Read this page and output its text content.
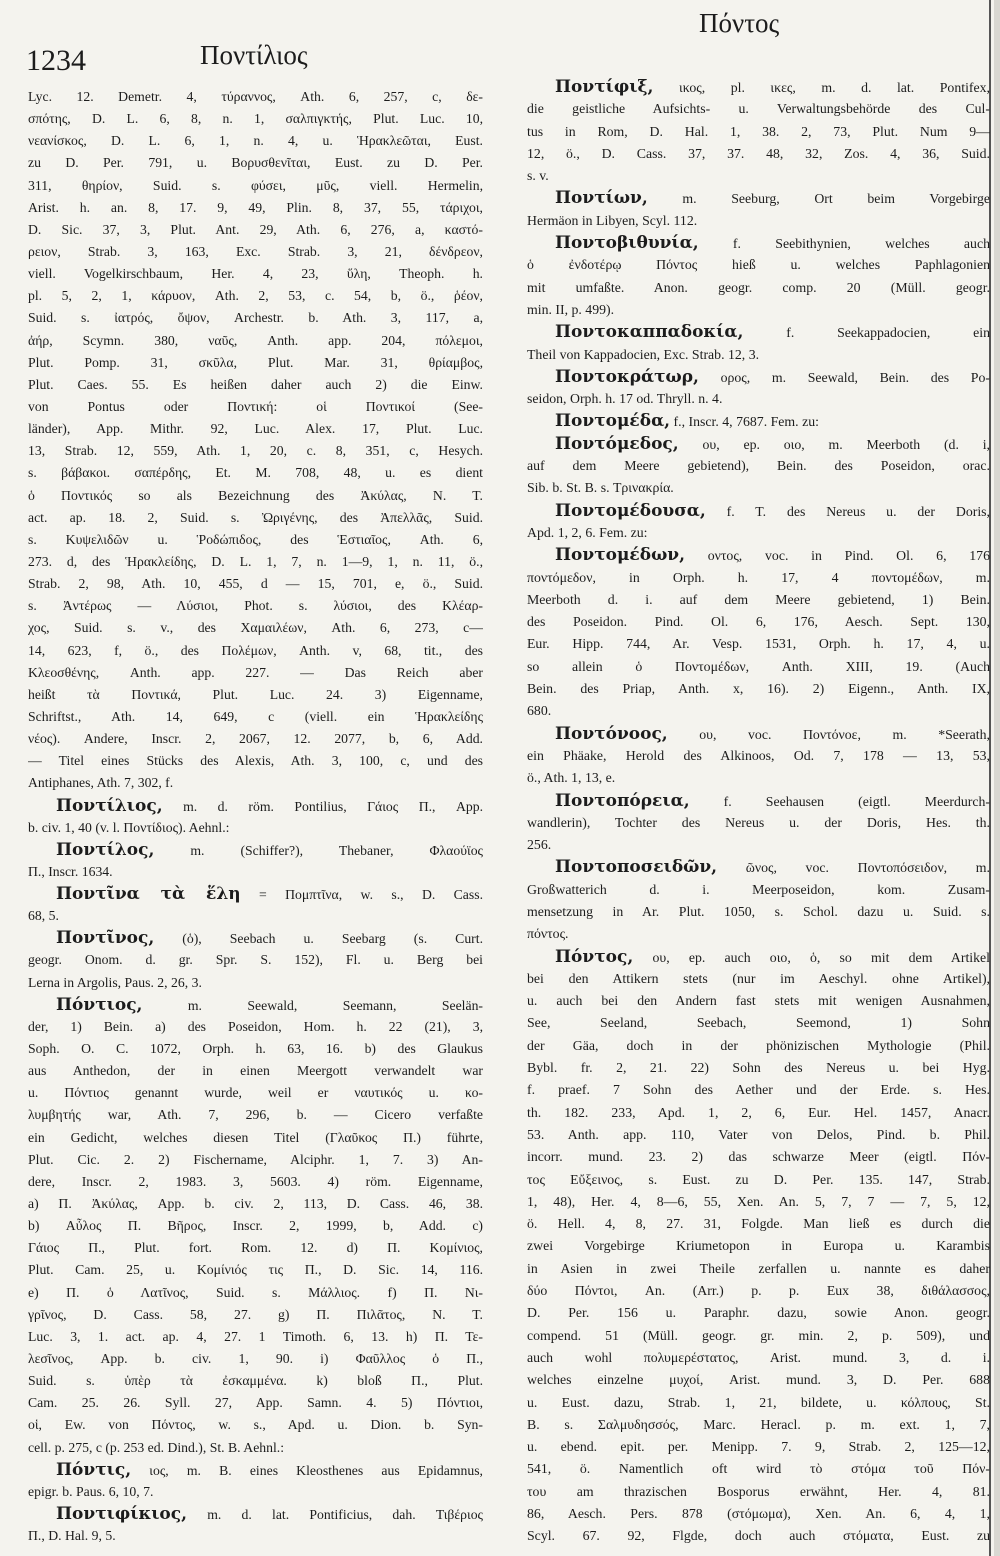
1234	Ποντίλιος
Πόντος
Lyc. 12. Demetr. 4, τύραννος, Ath. 6, 257, c, δε-
σπότης, D. L. 6, 8, n. 1, σαλπιγκτής, Plut. Luc. 10,
νεανίσκος, D. L. 6, 1, n. 4, u. Ἡρακλεῶται, Eust.
zu D. Per. 791, u. Βορυσθενῖται, Eust. zu D. Per.
311, θηρίον, Suid. s. φύσει, μῦς, viell. Hermelin,
Arist. h. an. 8, 17. 9, 49, Plin. 8, 37, 55, τάριχοι,
D. Sic. 37, 3, Plut. Ant. 29, Ath. 6, 276, a, καστό-
ρειον, Strab. 3, 163, Exc. Strab. 3, 21, δένδρεον,
viell. Vogelkirschbaum, Her. 4, 23, ὕλη, Theoph. h.
pl. 5, 2, 1, κάρυον, Ath. 2, 53, c. 54, b, ö., ῥέον,
Suid. s. ἰατρός, ὄψον, Archestr. b. Ath. 3, 117, a,
ἀήρ, Scymn. 380, ναῦς, Anth. app. 204, πόλεμοι,
Plut. Pomp. 31, σκῦλα, Plut. Mar. 31, θρίαμβος,
Plut. Caes. 55. Es heißen daher auch 2) die Einw.
von Pontus oder Ποντική: οἱ Ποντικοί (See-
länder), App. Mithr. 92, Luc. Alex. 17, Plut. Luc.
13, Strab. 12, 559, Ath. 1, 20, c. 8, 351, c, Hesych.
s. βάβακοι. σαπέρδης, Et. M. 708, 48, u. es dient
ὁ Ποντικός so als Bezeichnung des Ἀκύλας, N. T.
act. ap. 18. 2, Suid. s. Ὠριγένης, des Ἀπελλᾶς, Suid.
s. Κυψελιδῶν u. Ῥοδώπιδος, des Ἑστιαῖος, Ath. 6,
273. d, des Ἡρακλείδης, D. L. 1, 7, n. 1—9, 1, n. 11, ö.,
Strab. 2, 98, Ath. 10, 455, d — 15, 701, e, ö., Suid.
s. Ἀντέρως — Λύσιοι, Phot. s. λύσιοι, des Κλέαρ-
χος, Suid. s. v., des Χαμαιλέων, Ath. 6, 273, c—
14, 623, f, ö., des Πολέμων, Anth. v, 68, tit., des
Κλεοσθένης, Anth. app. 227. — Das Reich aber
heißt τὰ Ποντικά, Plut. Luc. 24. 3) Eigenname,
Schriftst., Ath. 14, 649, c (viell. ein Ἡρακλείδης
νέος). Andere, Inscr. 2, 2067, 12. 2077, b, 6, Add.
— Titel eines Stücks des Alexis, Ath. 3, 100, c, und des
Antiphanes, Ath. 7, 302, f.
Ποντίλιος, m. d. röm. Pontilius, Γάιος Π., App.
b. civ. 1, 40 (v. l. Ποντίδιος). Aehnl.:
Ποντίλος, m. (Schiffer?), Thebaner, Φλαούϊος
Π., Inscr. 1634.
Ποντῖνα τὰ ἕλη = Πομπτῖνα, w. s., D. Cass.
68, 5.
Ποντῖνος, (ὁ), Seebach u. Seebarg (s. Curt.
geogr. Onom. d. gr. Spr. S. 152), Fl. u. Berg bei
Lerna in Argolis, Paus. 2, 26, 3.
Πόντιος, m. Seewald, Seemann, Seelän-
der, 1) Bein. a) des Poseidon, Hom. h. 22 (21), 3,
Soph. O. C. 1072, Orph. h. 63, 16. b) des Glaukus
aus Anthedon, der in einen Meergott verwandelt war
u. Πόντιος genannt wurde, weil er ναυτικός u. κο-
λυμβητής war, Ath. 7, 296, b. — Cicero verfaßte
ein Gedicht, welches diesen Titel (Γλαῦκος Π.) führte,
Plut. Cic. 2. 2) Fischername, Alciphr. 1, 7. 3) An-
dere, Inscr. 2, 1983. 3, 5603. 4) röm. Eigenname,
a) Π. Ἀκύλας, App. b. civ. 2, 113, D. Cass. 46, 38.
b) Αὖλος Π. Βῆρος, Inscr. 2, 1999, b, Add. c)
Γάιος Π., Plut. fort. Rom. 12. d) Π. Κομίνιος,
Plut. Cam. 25, u. Κομίνιός τις Π., D. Sic. 14, 116.
e) Π. ὁ Λατῖνος, Suid. s. Μάλλιος. f) Π. Νι-
γρῖνος, D. Cass. 58, 27. g) Π. Πιλᾶτος, N. T.
Luc. 3, 1. act. ap. 4, 27. 1 Timoth. 6, 13. h) Π. Τε-
λεσῖνος, App. b. civ. 1, 90. i) Φαῦλλος ὁ Π.,
Suid. s. ὑπὲρ τὰ ἐσκαμμένα. k) bloß Π., Plut.
Cam. 25. 26. Syll. 27, App. Samn. 4. 5) Πόντιοι,
οἱ, Ew. von Πόντος, w. s., Apd. u. Dion. b. Syn-
cell. p. 275, c (p. 253 ed. Dind.), St. B. Aehnl.:
Πόντις, ιος, m. B. eines Kleosthenes aus Epidamnus,
epigr. b. Paus. 6, 10, 7.
Ποντιφίκιος, m. d. lat. Pontificius, dah. Τιβέριος
Π., D. Hal. 9, 5.
Ποντίφιξ, ικος, pl. ικες, m. d. lat. Pontifex,
die geistliche Aufsichts- u. Verwaltungsbehörde des Cul-
tus in Rom, D. Hal. 1, 38. 2, 73, Plut. Num 9—
12, ö., D. Cass. 37, 37. 48, 32, Zos. 4, 36, Suid.
s. v.
Ποντίων, m. Seeburg, Ort beim Vorgebirge
Hermäon in Libyen, Scyl. 112.
Ποντοβιθυνία, f. Seebithynien, welches auch
ὁ ἐνδοτέρῳ Πόντος hieß u. welches Paphlagonien
mit umfaßte. Anon. geogr. comp. 20 (Müll. geogr.
min. II, p. 499).
Ποντοκαππαδοκία, f. Seekappadocien, ein
Theil von Kappadocien, Exc. Strab. 12, 3.
Ποντοκράτωρ, ορος, m. Seewald, Bein. des Po-
seidon, Orph. h. 17 od. Thryll. n. 4.
Ποντομέδα, f., Inscr. 4, 7687. Fem. zu:
Ποντόμεδος, ου, ep. οιο, m. Meerboth (d. i,
auf dem Meere gebietend), Bein. des Poseidon, orac.
Sib. b. St. B. s. Τρινακρία.
Ποντομέδουσα, f. T. des Nereus u. der Doris,
Apd. 1, 2, 6. Fem. zu:
Ποντομέδων, οντος, voc. in Pind. Ol. 6, 176
ποντόμεδον, in Orph. h. 17, 4 ποντομέδων, m.
Meerboth d. i. auf dem Meere gebietend, 1) Bein.
des Poseidon. Pind. Ol. 6, 176, Aesch. Sept. 130,
Eur. Hipp. 744, Ar. Vesp. 1531, Orph. h. 17, 4, u.
so allein ὁ Ποντομέδων, Anth. XIII, 19. (Auch
Bein. des Priap, Anth. x, 16). 2) Eigenn., Anth. IX,
680.
Ποντόνοος, ου, voc. Ποντόνοε, m. *Seerath,
ein Phäake, Herold des Alkinoos, Od. 7, 178 — 13, 53,
ö., Ath. 1, 13, e.
Ποντοπόρεια, f. Seehausen (eigtl. Meerdurch-
wandlerin), Tochter des Nereus u. der Doris, Hes. th.
256.
Ποντοποσειδῶν, ῶνος, voc. Ποντοπόσειδον, m.
Großwatterich d. i. Meerposeidon, kom. Zusam-
mensetzung in Ar. Plut. 1050, s. Schol. dazu u. Suid. s.
πόντος.
Πόντος, ου, ep. auch οιο, ὁ, so mit dem Artikel
bei den Attikern stets (nur im Aeschyl. ohne Artikel),
u. auch bei den Andern fast stets mit wenigen Ausnahmen,
See, Seeland, Seebach, Seemond, 1) Sohn
der Gäa, doch in der phönizischen Mythologie (Phil.
Bybl. fr. 2, 21. 22) Sohn des Nereus u. bei Hyg.
f. praef. 7 Sohn des Aether und der Erde. s. Hes.
th. 182. 233, Apd. 1, 2, 6, Eur. Hel. 1457, Anacr.
53. Anth. app. 110, Vater von Delos, Pind. b. Phil.
incorr. mund. 23. 2) das schwarze Meer (eigtl. Πόν-
τος Εὔξεινος, s. Eust. zu D. Per. 135. 147, Strab.
1, 48), Her. 4, 8—6, 55, Xen. An. 5, 7, 7 — 7, 5, 12,
ö. Hell. 4, 8, 27. 31, Folgde. Man ließ es durch die
zwei Vorgebirge Kriumetopon in Europa u. Karambis
in Asien in zwei Theile zerfallen u. nannte es daher
δύο Πόντοι, An. (Arr.) p. p. Eux 38, διθάλασσος,
D. Per. 156 u. Paraphr. dazu, sowie Anon. geogr.
compend. 51 (Müll. geogr. gr. min. 2, p. 509), und
auch wohl πολυμερέστατος, Arist. mund. 3, d. i.
welches einzelne μυχοί, Arist. mund. 3, D. Per. 688
u. Eust. dazu, Strab. 1, 21, bildete, u. κόλπους, St.
B. s. Σαλμυδησσός, Marc. Heracl. p. m. ext. 1, 7,
u. ebend. epit. per. Menipp. 7. 9, Strab. 2, 125—12,
541, ö. Namentlich oft wird τὸ στόμα τοῦ Πόν-
του am thrazischen Bosporus erwähnt, Her. 4, 81.
86, Aesch. Pers. 878 (στόμωμα), Xen. An. 6, 4, 1,
Scyl. 67. 92, Flgde, doch auch στόματα, Eust. zu
